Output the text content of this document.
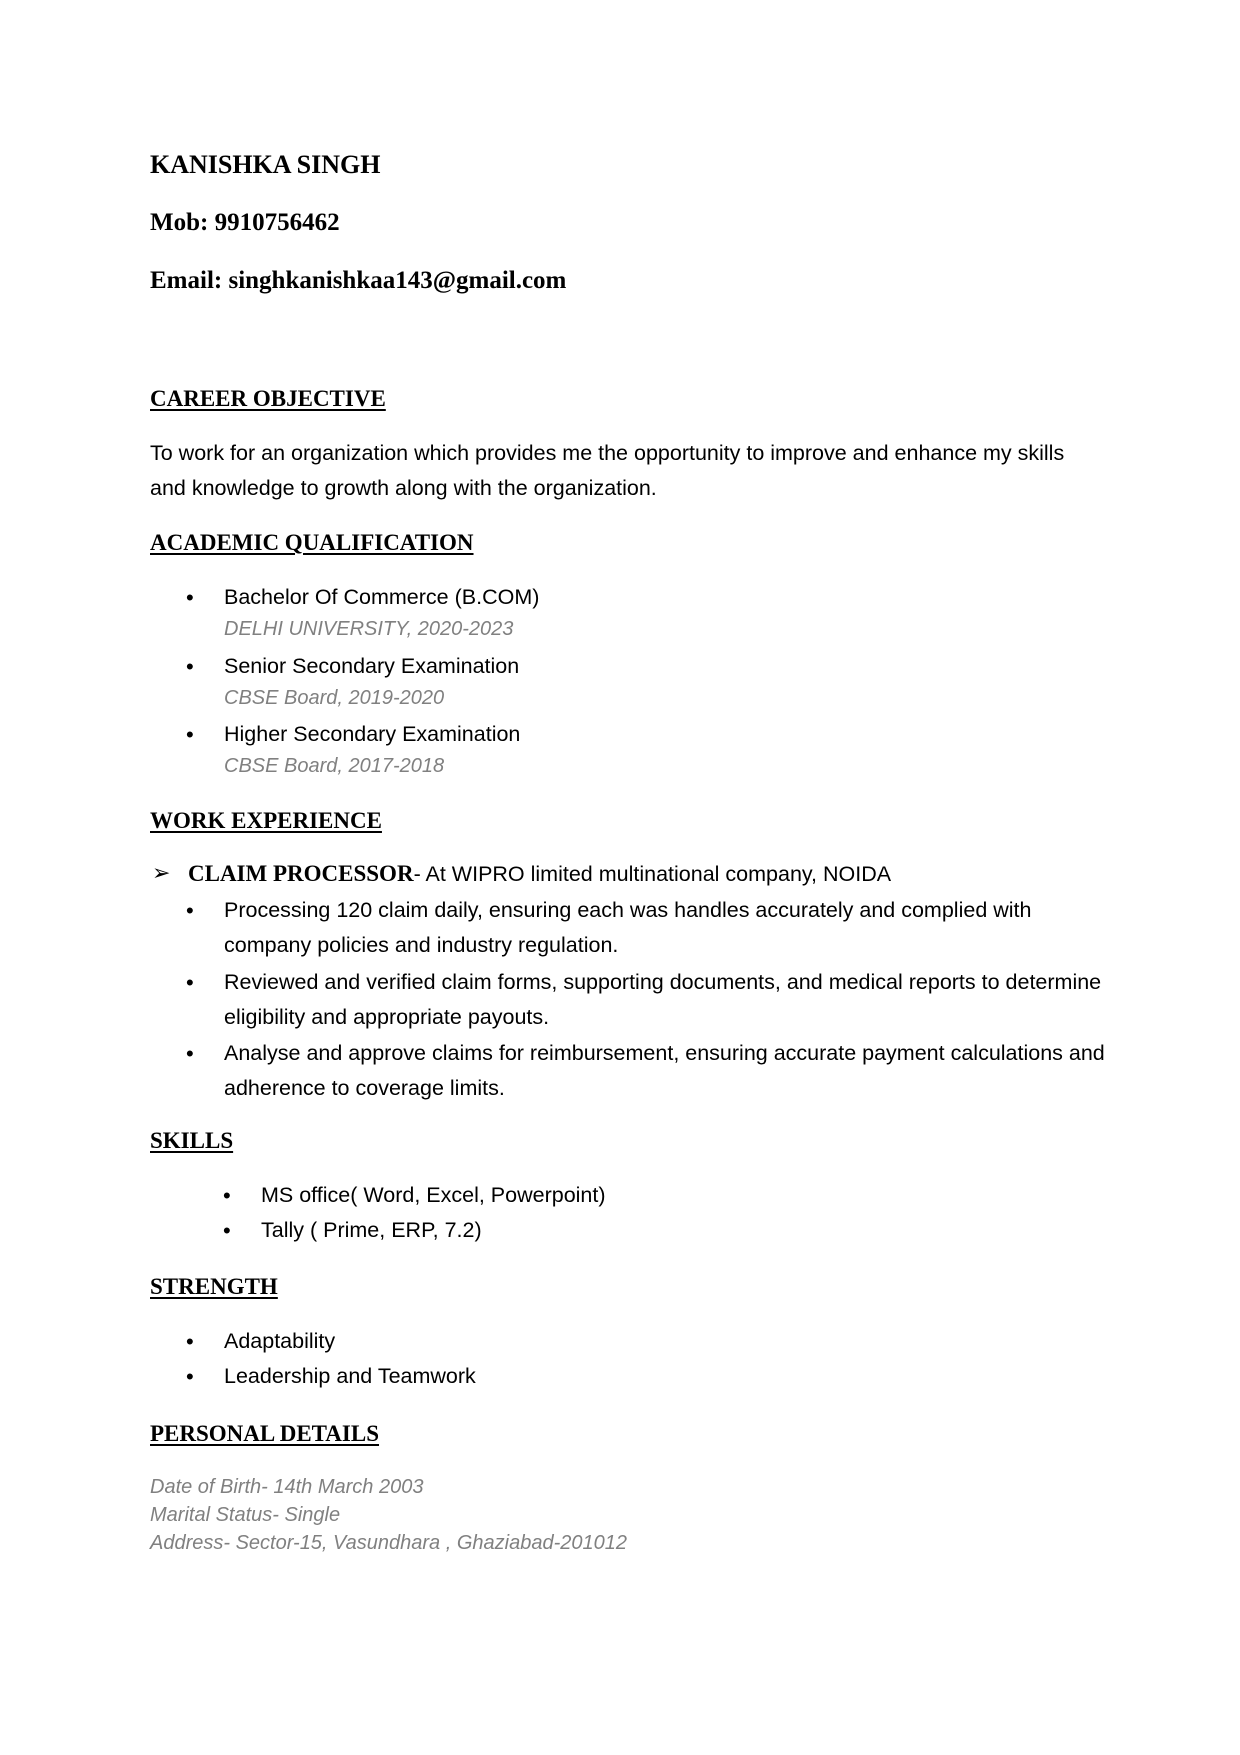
KANISHKA SINGH
Mob: 9910756462
Email: singhkanishkaa143@gmail.com
CAREER OBJECTIVE

To work for an organization which provides me the opportunity to improve and enhance my skills and knowledge to growth along with the organization.

ACADEMIC QUALIFICATION
• Bachelor Of Commerce (B.COM)
DELHI UNIVERSITY, 2020-2023
• Senior Secondary Examination
CBSE Board, 2019-2020
• Higher Secondary Examination
CBSE Board, 2017-2018
WORK EXPERIENCE
➢ CLAIM PROCESSOR- At WIPRO limited multinational company, NOIDA
• Processing 120 claim daily, ensuring each was handles accurately and complied with company policies and industry regulation.
• Reviewed and verified claim forms, supporting documents, and medical reports to determine eligibility and appropriate payouts.
• Analyse and approve claims for reimbursement, ensuring accurate payment calculations and adherence to coverage limits.
SKILLS
• MS office( Word, Excel, Powerpoint)
• Tally ( Prime, ERP, 7.2)
STRENGTH
• Adaptability
• Leadership and Teamwork
PERSONAL DETAILS
Date of Birth- 14th March 2003
Marital Status- Single
Address- Sector-15, Vasundhara , Ghaziabad-201012
